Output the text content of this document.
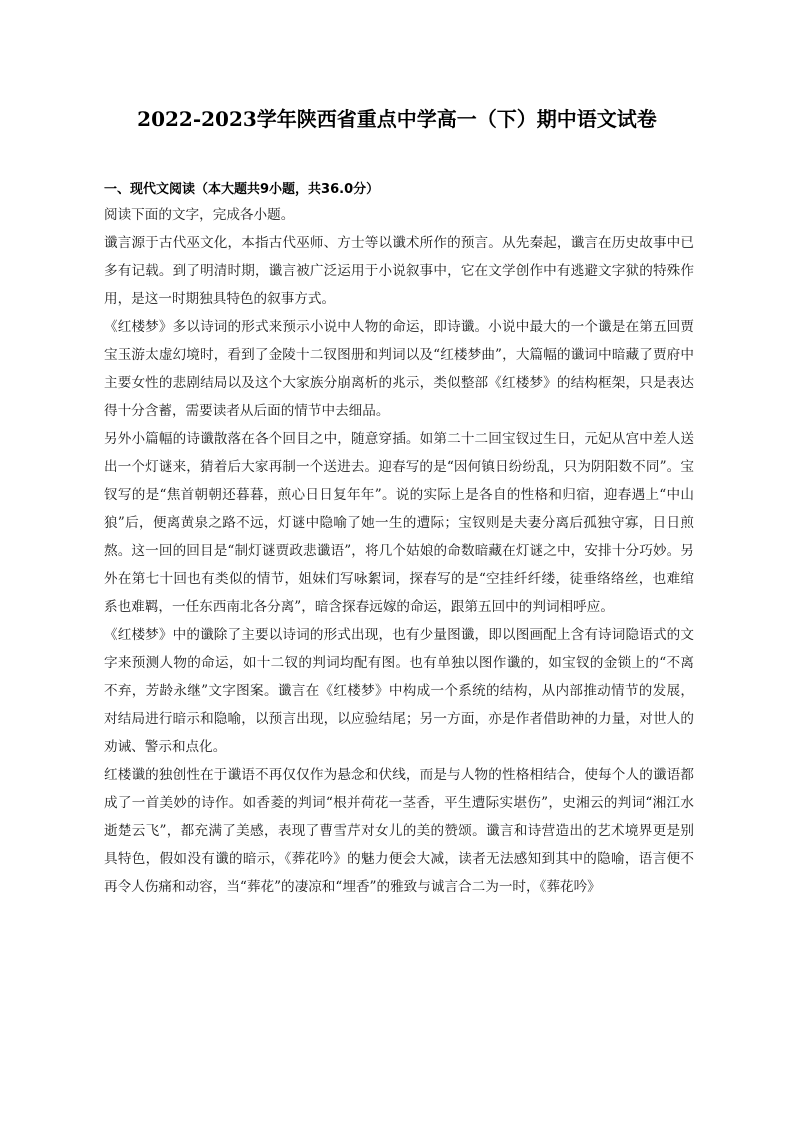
2022-2023学年陕西省重点中学高一（下）期中语文试卷
一、现代文阅读（本大题共9小题，共36.0分）
阅读下面的文字，完成各小题。

谶言源于古代巫文化，本指古代巫师、方士等以谶术所作的预言。从先秦起，谶言在历史故事中已多有记载。到了明清时期，谶言被广泛运用于小说叙事中，它在文学创作中有逃避文字狱的特殊作用，是这一时期独具特色的叙事方式。

《红楼梦》多以诗词的形式来预示小说中人物的命运，即诗谶。小说中最大的一个谶是在第五回贾宝玉游太虚幻境时，看到了金陵十二钗图册和判词以及“红楼梦曲”，大篇幅的谶词中暗藏了贾府中主要女性的悲剧结局以及这个大家族分崩离析的兆示，类似整部《红楼梦》的结构框架，只是表达得十分含蓄，需要读者从后面的情节中去细品。

另外小篇幅的诗谶散落在各个回目之中，随意穿插。如第二十二回宝钗过生日，元妃从宫中差人送出一个灯谜来，猜着后大家再制一个送进去。迎春写的是“因何镇日纷纷乱，只为阴阳数不同”。宝钗写的是“焦首朝朝还暮暮，煎心日日复年年”。说的实际上是各自的性格和归宿，迎春遇上“中山狼”后，便离黄泉之路不远，灯谜中隐喻了她一生的遭际；宝钗则是夫妻分离后孤独守寡，日日煎熬。这一回的回目是“制灯谜贾政悲谶语”，将几个姑娘的命数暗藏在灯谜之中，安排十分巧妙。另外在第七十回也有类似的情节，姐妹们写咏絮词，探春写的是“空挂纤纤缕，徒垂络络丝，也难绾系也难羁，一任东西南北各分离”，暗含探春远嫁的命运，跟第五回中的判词相呼应。

《红楼梦》中的谶除了主要以诗词的形式出现，也有少量图谶，即以图画配上含有诗词隐语式的文字来预测人物的命运，如十二钗的判词均配有图。也有单独以图作谶的，如宝钗的金锁上的“不离不弃，芳龄永继”文字图案。谶言在《红楼梦》中构成一个系统的结构，从内部推动情节的发展，对结局进行暗示和隐喻，以预言出现，以应验结尾；另一方面，亦是作者借助神的力量，对世人的劝诫、警示和点化。

红楼谶的独创性在于谶语不再仅仅作为悬念和伏线，而是与人物的性格相结合，使每个人的谶语都成了一首美妙的诗作。如香菱的判词“根并荷花一茎香，平生遭际实堪伤”，史湘云的判词“湘江水逝楚云飞”，都充满了美感，表现了曹雪芹对女儿的美的赞颂。谶言和诗营造出的艺术境界更是别具特色，假如没有谶的暗示，《葬花吟》的魅力便会大减，读者无法感知到其中的隐喻，语言便不再令人伤痛和动容，当“葬花”的凄凉和“埋香”的雅致与诚言合二为一时，《葬花吟》
